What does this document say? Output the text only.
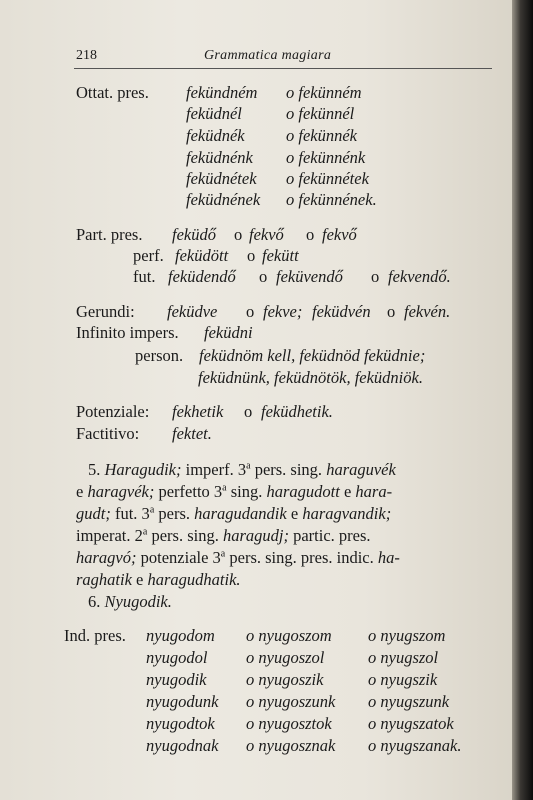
218	Grammatica magiara
Ottat. pres. fekündném
feküdnél
feküdnék
feküdnénk
feküdnétek
feküdnének
o fekünném
o fekünnél
o fekünnék
o fekünnénk
o fekünnétek
o fekünnének.
Part. pres. feküdő o fekvő o fekvő
perf. feküdött o fekütt
fut. feküdendő o feküvendő o fekvendő.
Gerundi: feküdve o fekve; feküdvén o fekvén.
Infinito impers. feküdni
person. feküdnöm kell, feküdnöd feküdnie;
feküdnünk, feküdnötök, feküdniök.
Potenziale: fekhetik o feküdhetik.
Factitivo: fektet.
5. Haragudik; imperf. 3$^a$ pers. sing. haraguvék
e haragvék; perfetto 3$^a$ sing. haragudott e hara-
gudt; fut. 3$^a$ pers. haragudandik e haragvandik;
imperat. 2$^a$ pers. sing. haragudj; partic. pres.
haragvó; potenziale 3$^a$ pers. sing. pres. indic. ha-
raghatik e haragudhatik.
6. Nyugodik.
Ind. pres. nyugodom
nyugodol
nyugodik
nyugodunk
nyugodtok
nyugodnak
o nyugoszom
o nyugoszol
o nyugoszik
o nyugoszunk
o nyugosztok
o nyugosznak
o nyugszom
o nyugszol
o nyugszik
o nyugszunk
o nyugszatok
o nyugszanak.
